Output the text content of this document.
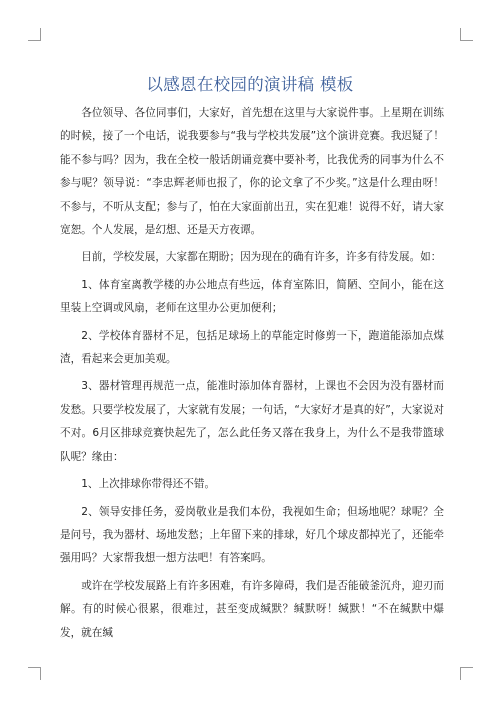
以感恩在校园的演讲稿 模板

各位领导、各位同事们，大家好，首先想在这里与大家说件事。上星期在训练的时候，接了一个电话，说我要参与“我与学校共发展”这个演讲竞赛。我迟疑了！能不参与吗？因为，我在全校一般话朗诵竞赛中要补考，比我优秀的同事为什么不参与呢？领导说：“李忠辉老师也报了，你的论文拿了不少奖。”这是什么理由呀！不参与，不听从支配；参与了，怕在大家面前出丑，实在犯难！说得不好，请大家宽恕。个人发展，是幻想、还是天方夜谭。

目前，学校发展，大家都在期盼；因为现在的确有许多，许多有待发展。如：

1、体育室离教学楼的办公地点有些远，体育室陈旧，简陋、空间小，能在这里装上空调或风扇，老师在这里办公更加便利；

2、学校体育器材不足，包括足球场上的草能定时修剪一下，跑道能添加点煤渣，看起来会更加美观。

3、器材管理再规范一点，能准时添加体育器材，上课也不会因为没有器材而发愁。只要学校发展了，大家就有发展；一句话，“大家好才是真的好”，大家说对不对。6月区排球竞赛快起先了，怎么此任务又落在我身上，为什么不是我带篮球队呢？缘由：

1、上次排球你带得还不错。

2、领导安排任务，爱岗敬业是我们本份，我视如生命；但场地呢？球呢？全是问号，我为器材、场地发愁；上年留下来的排球，好几个球皮都掉光了，还能牵强用吗？大家帮我想一想方法吧！有答案吗。

或许在学校发展路上有许多困难，有许多障碍，我们是否能破釜沉舟，迎刃而解。有的时候心很累，很难过，甚至变成缄默？缄默呀！缄默！“不在缄默中爆发，就在缄
